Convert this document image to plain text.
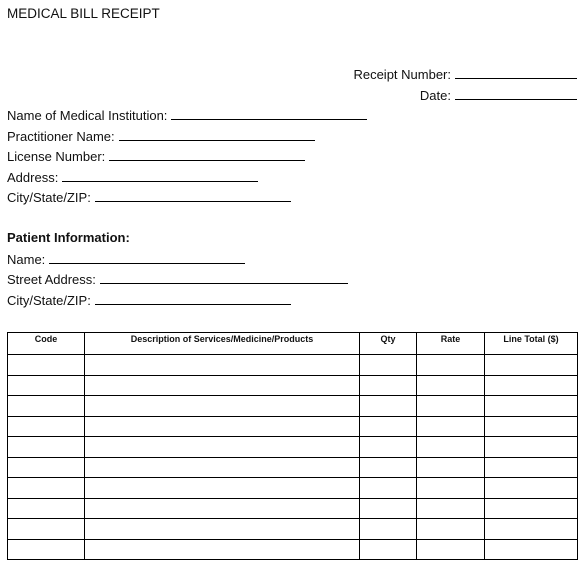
MEDICAL BILL RECEIPT
Receipt Number:
Date:
Name of Medical Institution:
Practitioner Name:
License Number:
Address:
City/State/ZIP:
Patient Information:
Name:
Street Address:
City/State/ZIP:
Code	Description of Services/Medicine/Products	Qty	Rate	Line Total ($)
